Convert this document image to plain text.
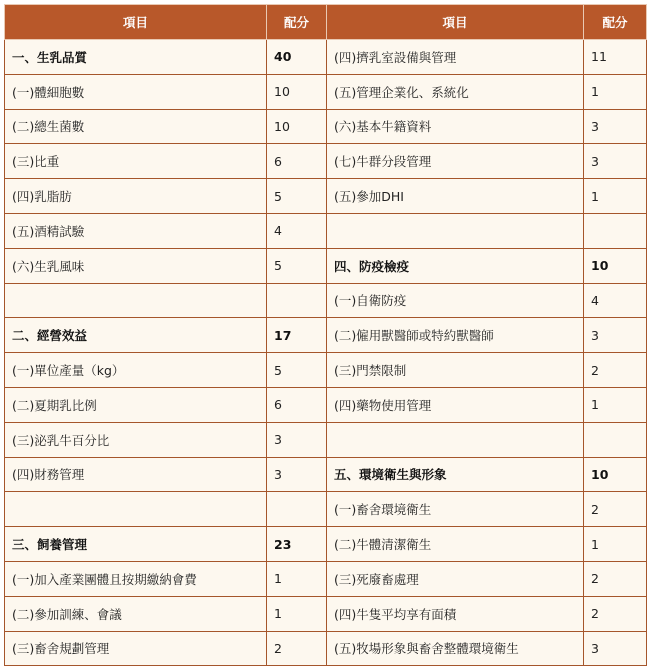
項目	配分	項目	配分
一、生乳品質	40	(四)擠乳室設備與管理	11
(一)體細胞數	10	(五)管理企業化、系統化	1
(二)總生菌數	10	(六)基本牛籍資料	3
(三)比重	6	(七)牛群分段管理	3
(四)乳脂肪	5	(五)參加DHI	1
(五)酒精試驗	4		
(六)生乳風味	5	四、防疫檢疫	10
		(一)自衛防疫	4
二、經營效益	17	(二)僱用獸醫師或特約獸醫師	3
(一)單位產量（kg）	5	(三)門禁限制	2
(二)夏期乳比例	6	(四)藥物使用管理	1
(三)泌乳牛百分比	3		
(四)財務管理	3	五、環境衛生與形象	10
		(一)畜舍環境衛生	2
三、飼養管理	23	(二)牛體清潔衛生	1
(一)加入產業團體且按期繳納會費	1	(三)死廢畜處理	2
(二)參加訓練、會議	1	(四)牛隻平均享有面積	2
(三)畜舍規劃管理	2	(五)牧場形象與畜舍整體環境衛生	3
